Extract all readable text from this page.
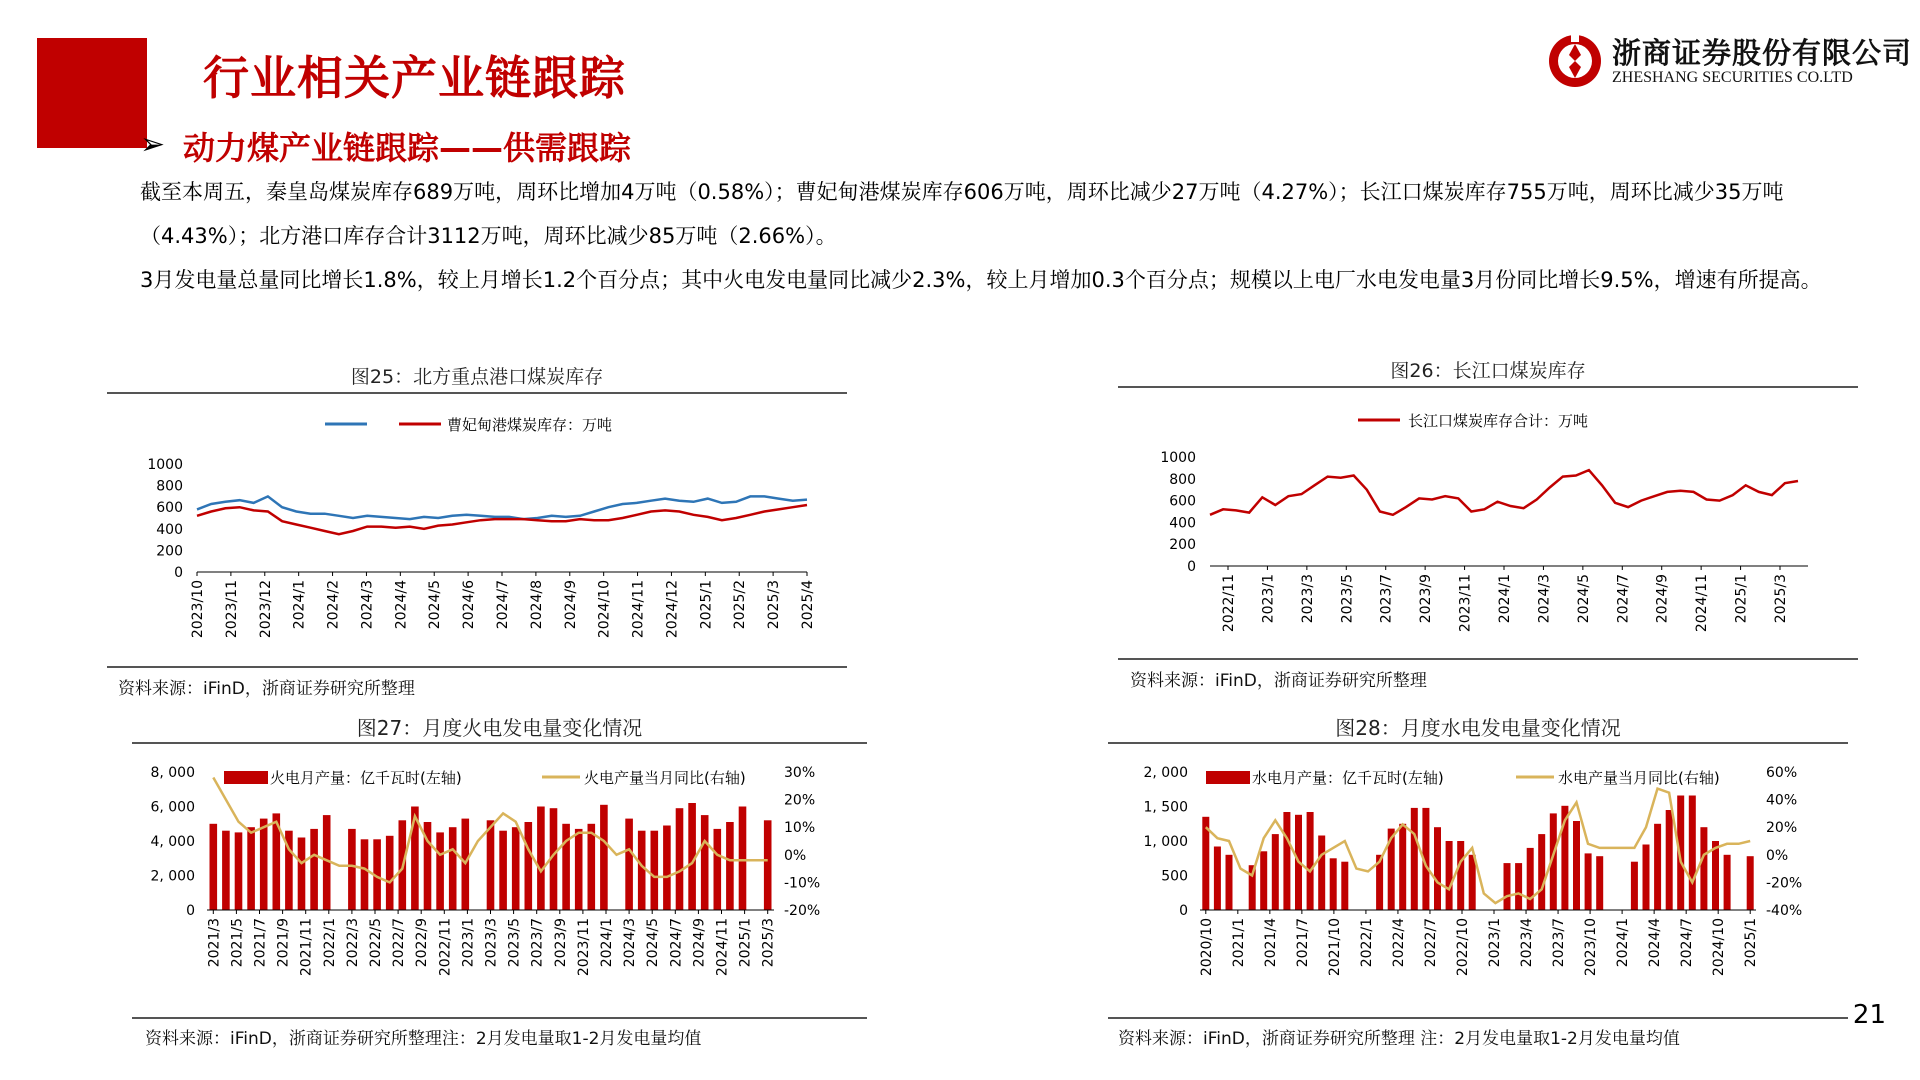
行业相关产业链跟踪	浙商证券股份有限公司
ZHESHANG SECURITIES CO.LTD
➢ 动力煤产业链跟踪——供需跟踪
截至本周五，秦皇岛煤炭库存689万吨，周环比增加4万吨（0.58%）；曹妃甸港煤炭库存606万吨，周环比减少27万吨（4.27%）；长江口煤炭库存755万吨，周环比减少35万吨（4.43%）；北方港口库存合计3112万吨，周环比减少85万吨（2.66%）。
3月发电量总量同比增长1.8%，较上月增长1.2个百分点；其中火电发电量同比减少2.3%，较上月增加0.3个百分点；规模以上电厂水电发电量3月份同比增长9.5%，增速有所提高。
图25：北方重点港口煤炭库存
曹妃甸港煤炭库存：万吨
1000
800
600
400
200
0
2023/10 2023/11 2023/12 2024/1 2024/2 2024/3 2024/4 2024/5 2024/6 2024/7 2024/8 2024/9 2024/10 2024/11 2024/12 2025/1 2025/2 2025/3 2025/4
资料来源：iFinD，浙商证券研究所整理
图26：长江口煤炭库存
长江口煤炭库存合计：万吨
1000
800
600
400
200
0
2022/11 2023/1 2023/3 2023/5 2023/7 2023/9 2023/11 2024/1 2024/3 2024/5 2024/7 2024/9 2024/11 2025/1 2025/3
资料来源：iFinD，浙商证券研究所整理
图27：月度火电发电量变化情况
火电月产量：亿千瓦时(左轴)	火电产量当月同比(右轴)
8, 000
6, 000
4, 000
2, 000
0
30%
20%
10%
0%
-10%
-20%
2021/3 2021/5 2021/7 2021/9 2021/11 2022/1 2022/3 2022/5 2022/7 2022/9 2022/11 2023/1 2023/3 2023/5 2023/7 2023/9 2023/11 2024/1 2024/3 2024/5 2024/7 2024/9 2024/11 2025/1 2025/3
资料来源：iFinD，浙商证券研究所整理注：2月发电量取1-2月发电量均值
图28：月度水电发电量变化情况
水电月产量：亿千瓦时(左轴)	水电产量当月同比(右轴)
2, 000
1, 500
1, 000
500
0
60%
40%
20%
0%
-20%
-40%
2020/10 2021/1 2021/4 2021/7 2021/10 2022/1 2022/4 2022/7 2022/10 2023/1 2023/4 2023/7 2023/10 2024/1 2024/4 2024/7 2024/10 2025/1
资料来源：iFinD，浙商证券研究所整理 注：2月发电量取1-2月发电量均值
21
